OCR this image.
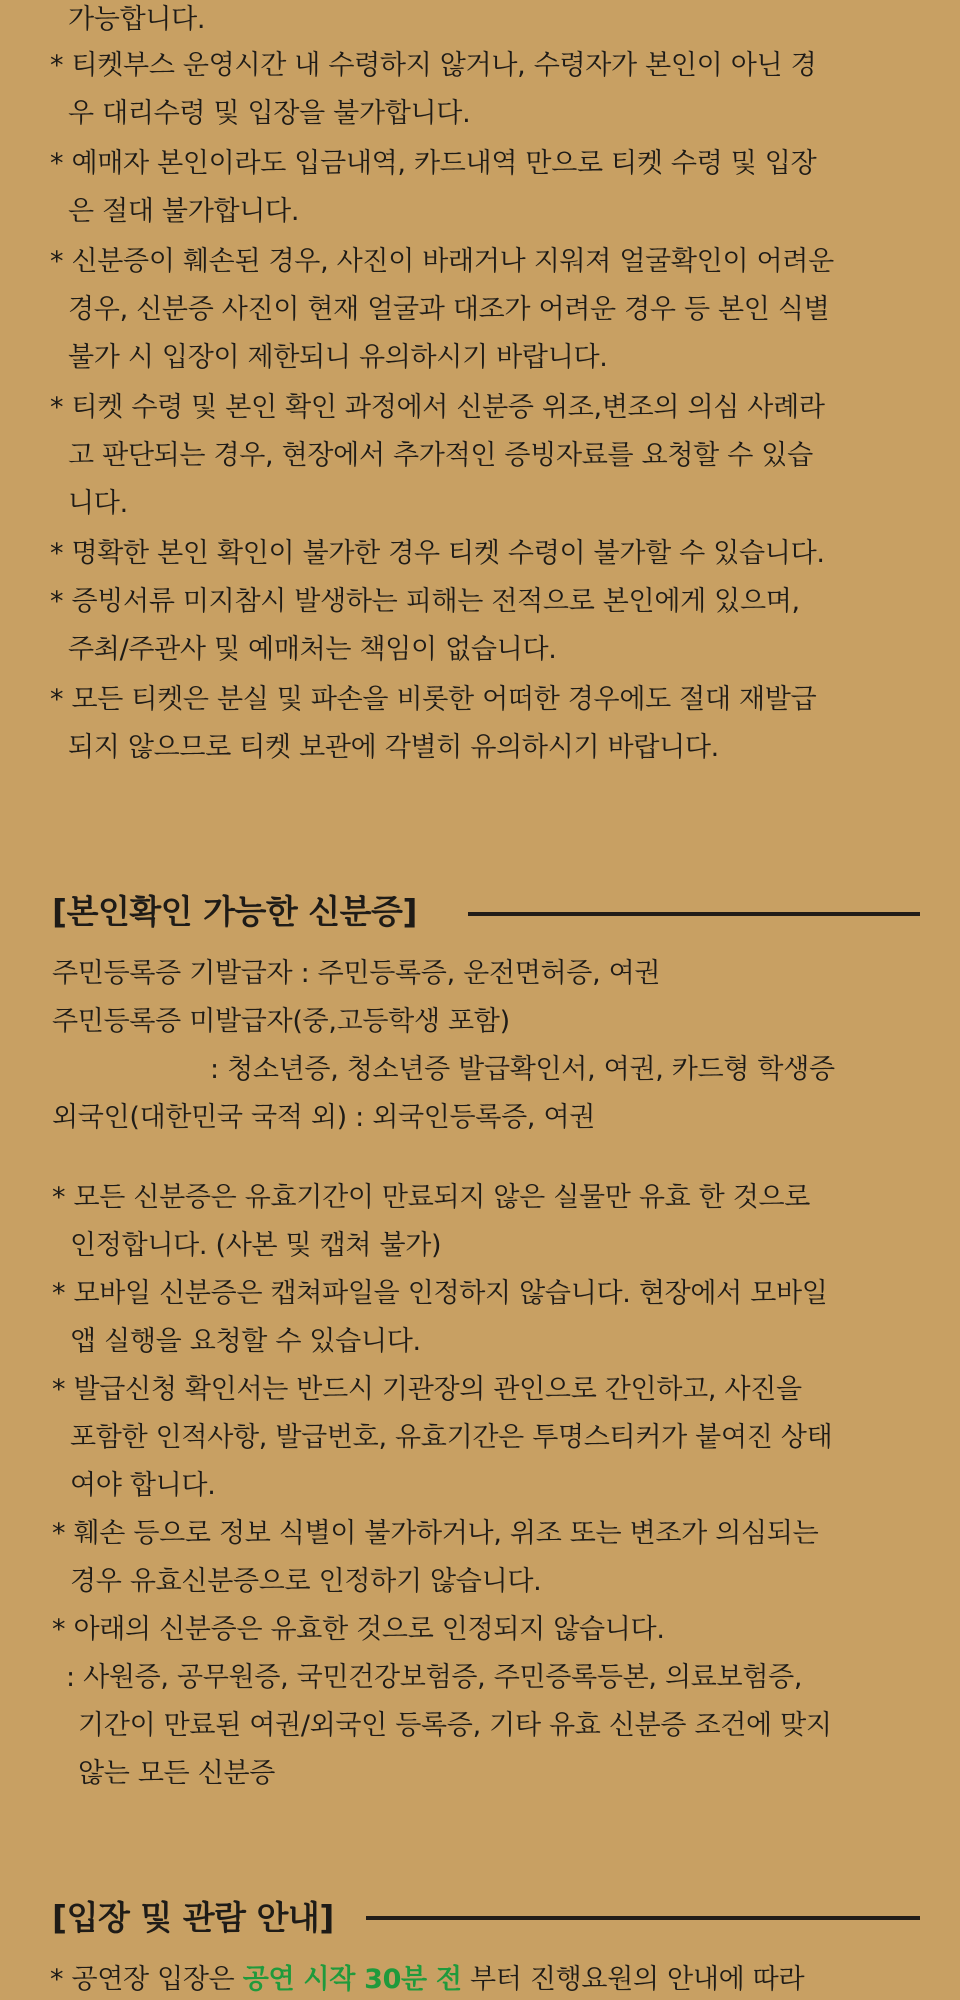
가능합니다.
* 티켓부스 운영시간 내 수령하지 않거나, 수령자가 본인이 아닌 경
우 대리수령 및 입장을 불가합니다.
* 예매자 본인이라도 입금내역, 카드내역 만으로 티켓 수령 및 입장
은 절대 불가합니다.
* 신분증이 훼손된 경우, 사진이 바래거나 지워져 얼굴확인이 어려운
경우, 신분증 사진이 현재 얼굴과 대조가 어려운 경우 등 본인 식별
불가 시 입장이 제한되니 유의하시기 바랍니다.
* 티켓 수령 및 본인 확인 과정에서 신분증 위조,변조의 의심 사례라
고 판단되는 경우, 현장에서 추가적인 증빙자료를 요청할 수 있습
니다.
* 명확한 본인 확인이 불가한 경우 티켓 수령이 불가할 수 있습니다.
* 증빙서류 미지참시 발생하는 피해는 전적으로 본인에게 있으며,
주최/주관사 및 예매처는 책임이 없습니다.
* 모든 티켓은 분실 및 파손을 비롯한 어떠한 경우에도 절대 재발급
되지 않으므로 티켓 보관에 각별히 유의하시기 바랍니다.
[본인확인 가능한 신분증]
주민등록증 기발급자 : 주민등록증, 운전면허증, 여권
주민등록증 미발급자(중,고등학생 포함)
: 청소년증, 청소년증 발급확인서, 여권, 카드형 학생증
외국인(대한민국 국적 외) : 외국인등록증, 여권
* 모든 신분증은 유효기간이 만료되지 않은 실물만 유효 한 것으로
인정합니다. (사본 및 캡쳐 불가)
* 모바일 신분증은 캡쳐파일을 인정하지 않습니다. 현장에서 모바일
앱 실행을 요청할 수 있습니다.
* 발급신청 확인서는 반드시 기관장의 관인으로 간인하고, 사진을
포함한 인적사항, 발급번호, 유효기간은 투명스티커가 붙여진 상태
여야 합니다.
* 훼손 등으로 정보 식별이 불가하거나, 위조 또는 변조가 의심되는
경우 유효신분증으로 인정하기 않습니다.
* 아래의 신분증은 유효한 것으로 인정되지 않습니다.
: 사원증, 공무원증, 국민건강보험증, 주민증록등본, 의료보험증,
기간이 만료된 여권/외국인 등록증, 기타 유효 신분증 조건에 맞지
않는 모든 신분증
[입장 및 관람 안내]
* 공연장 입장은 공연 시작 30분 전 부터 진행요원의 안내에 따라
